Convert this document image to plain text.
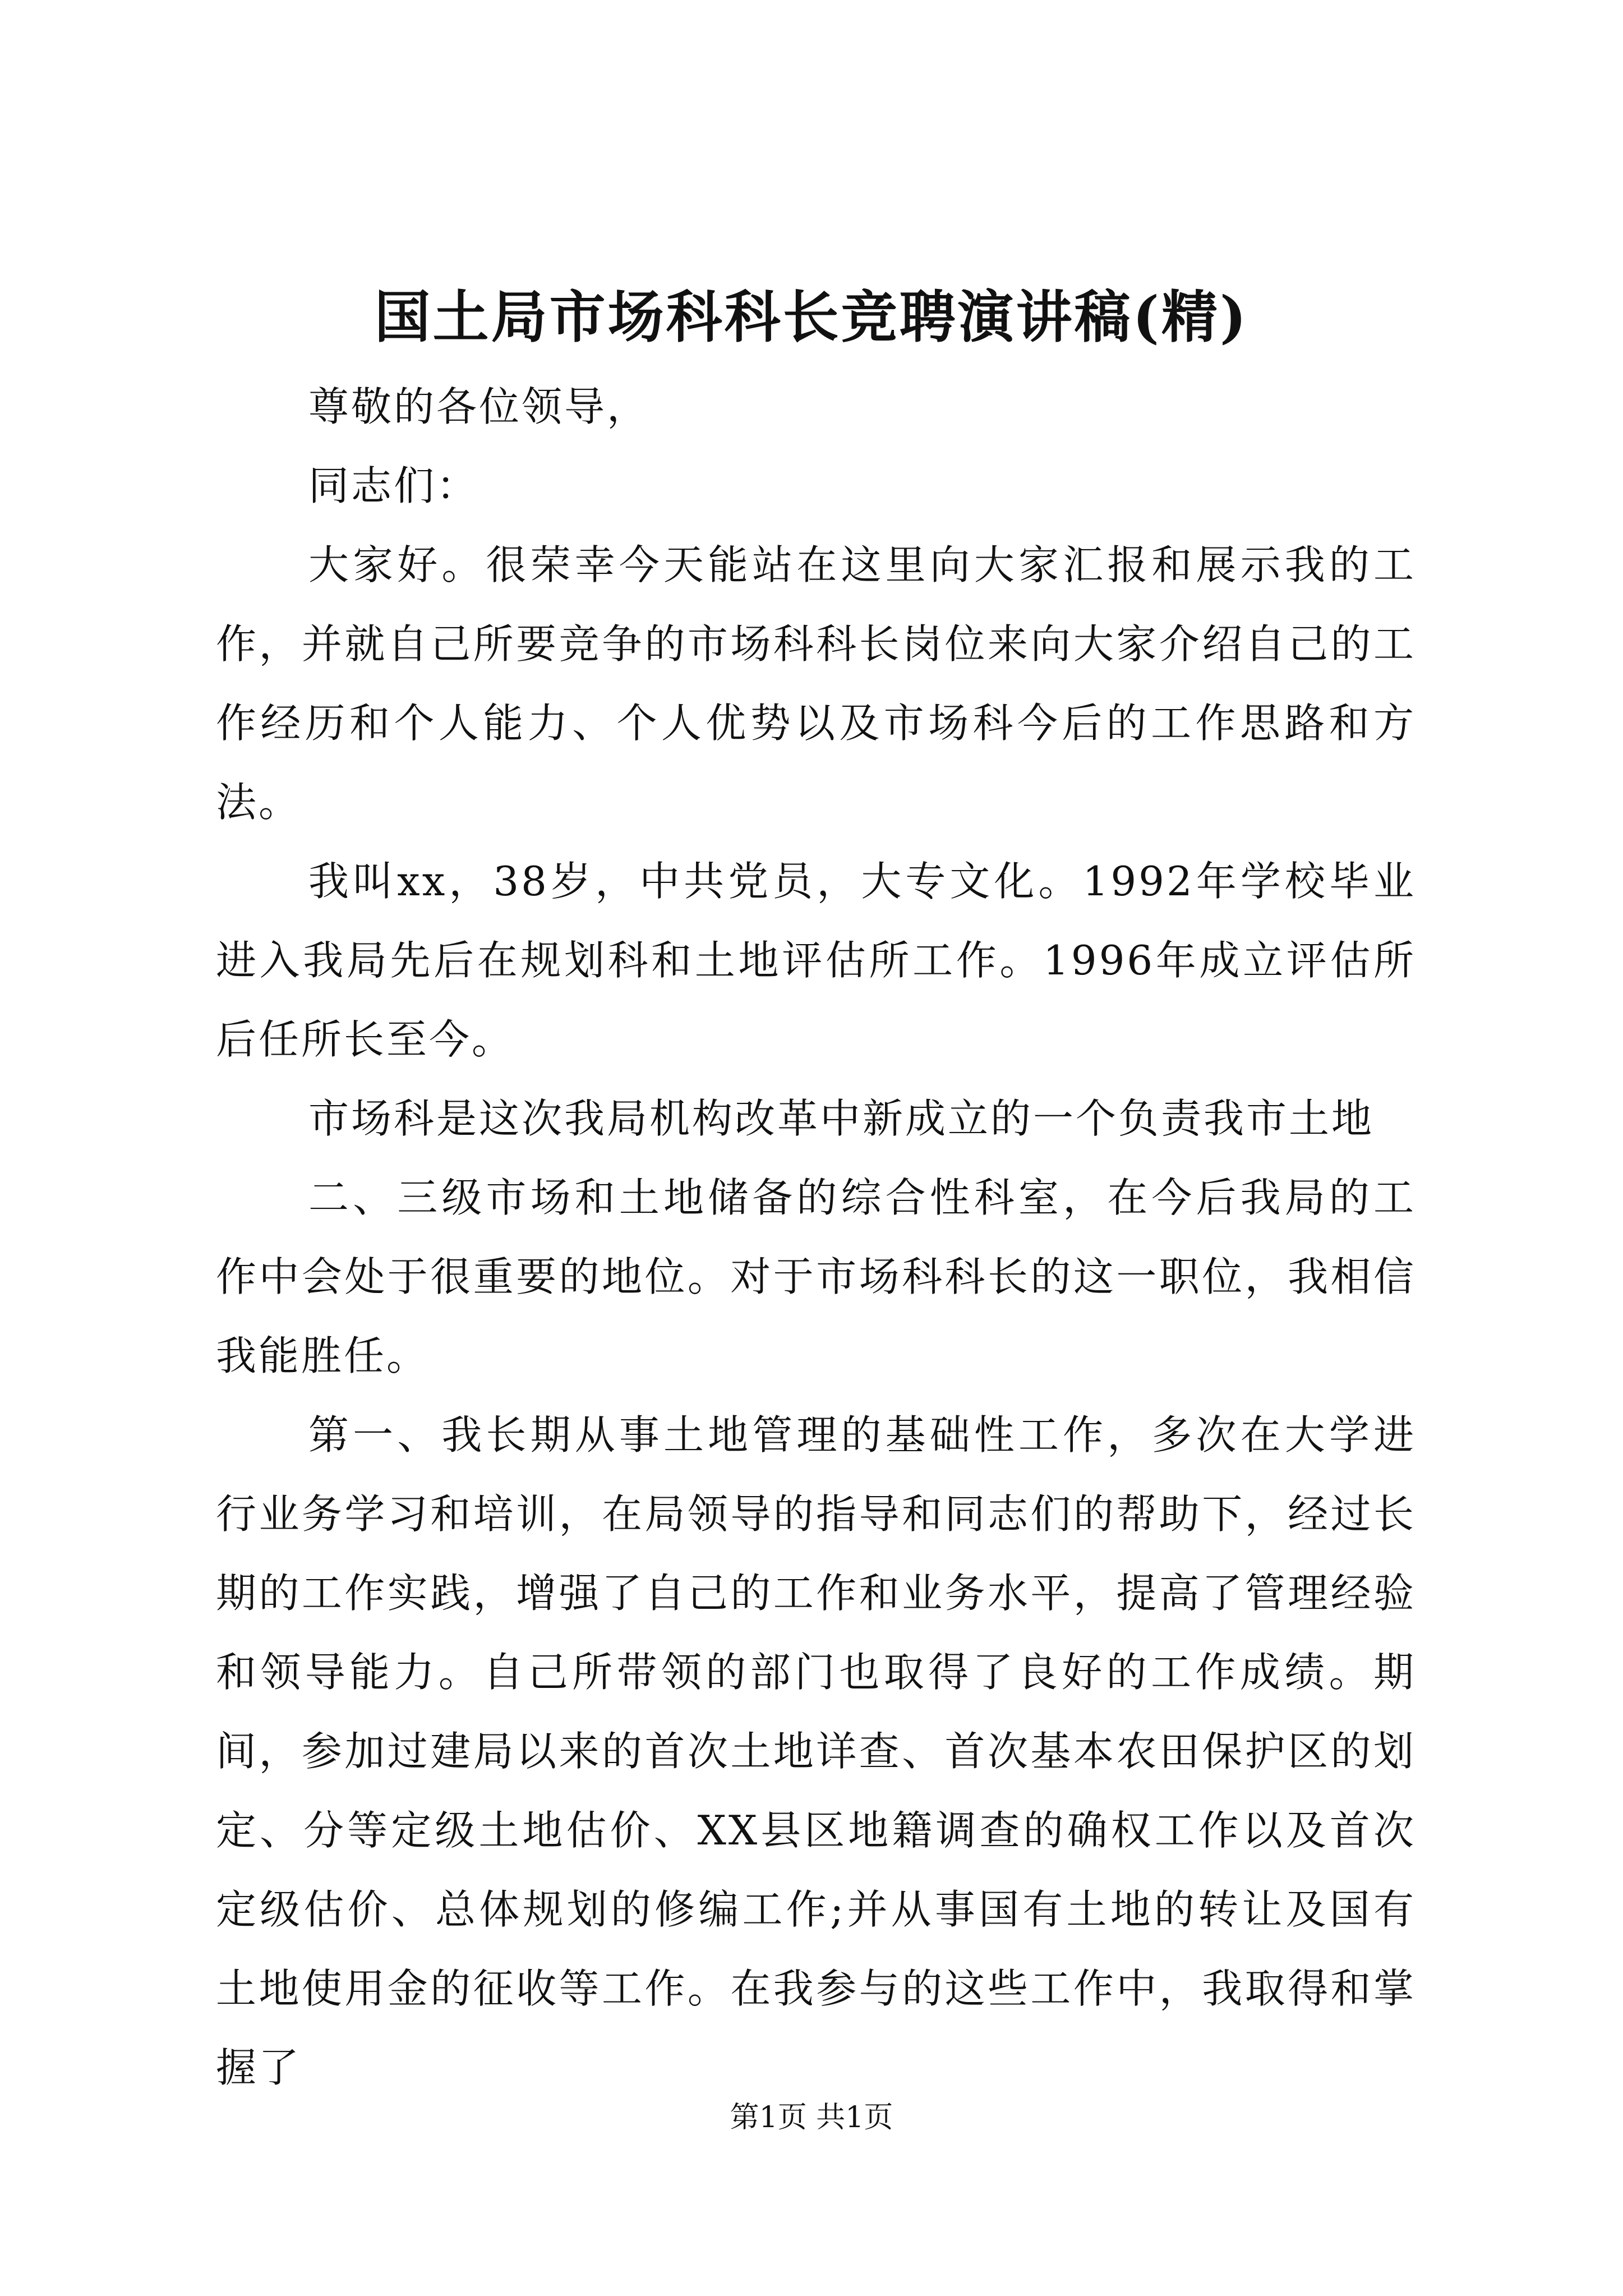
国土局市场科科长竞聘演讲稿(精)

尊敬的各位领导，

同志们：

大家好。很荣幸今天能站在这里向大家汇报和展示我的工作，并就自己所要竞争的市场科科长岗位来向大家介绍自己的工作经历和个人能力、个人优势以及市场科今后的工作思路和方法。

我叫xx，38岁，中共党员，大专文化。1992年学校毕业进入我局先后在规划科和土地评估所工作。1996年成立评估所后任所长至今。

市场科是这次我局机构改革中新成立的一个负责我市土地

二、三级市场和土地储备的综合性科室，在今后我局的工作中会处于很重要的地位。对于市场科科长的这一职位，我相信我能胜任。

第一、我长期从事土地管理的基础性工作，多次在大学进行业务学习和培训，在局领导的指导和同志们的帮助下，经过长期的工作实践，增强了自己的工作和业务水平，提高了管理经验和领导能力。自己所带领的部门也取得了良好的工作成绩。期间，参加过建局以来的首次土地详查、首次基本农田保护区的划定、分等定级土地估价、XX县区地籍调查的确权工作以及首次定级估价、总体规划的修编工作;并从事国有土地的转让及国有土地使用金的征收等工作。在我参与的这些工作中，我取得和掌握了

第1页 共1页
